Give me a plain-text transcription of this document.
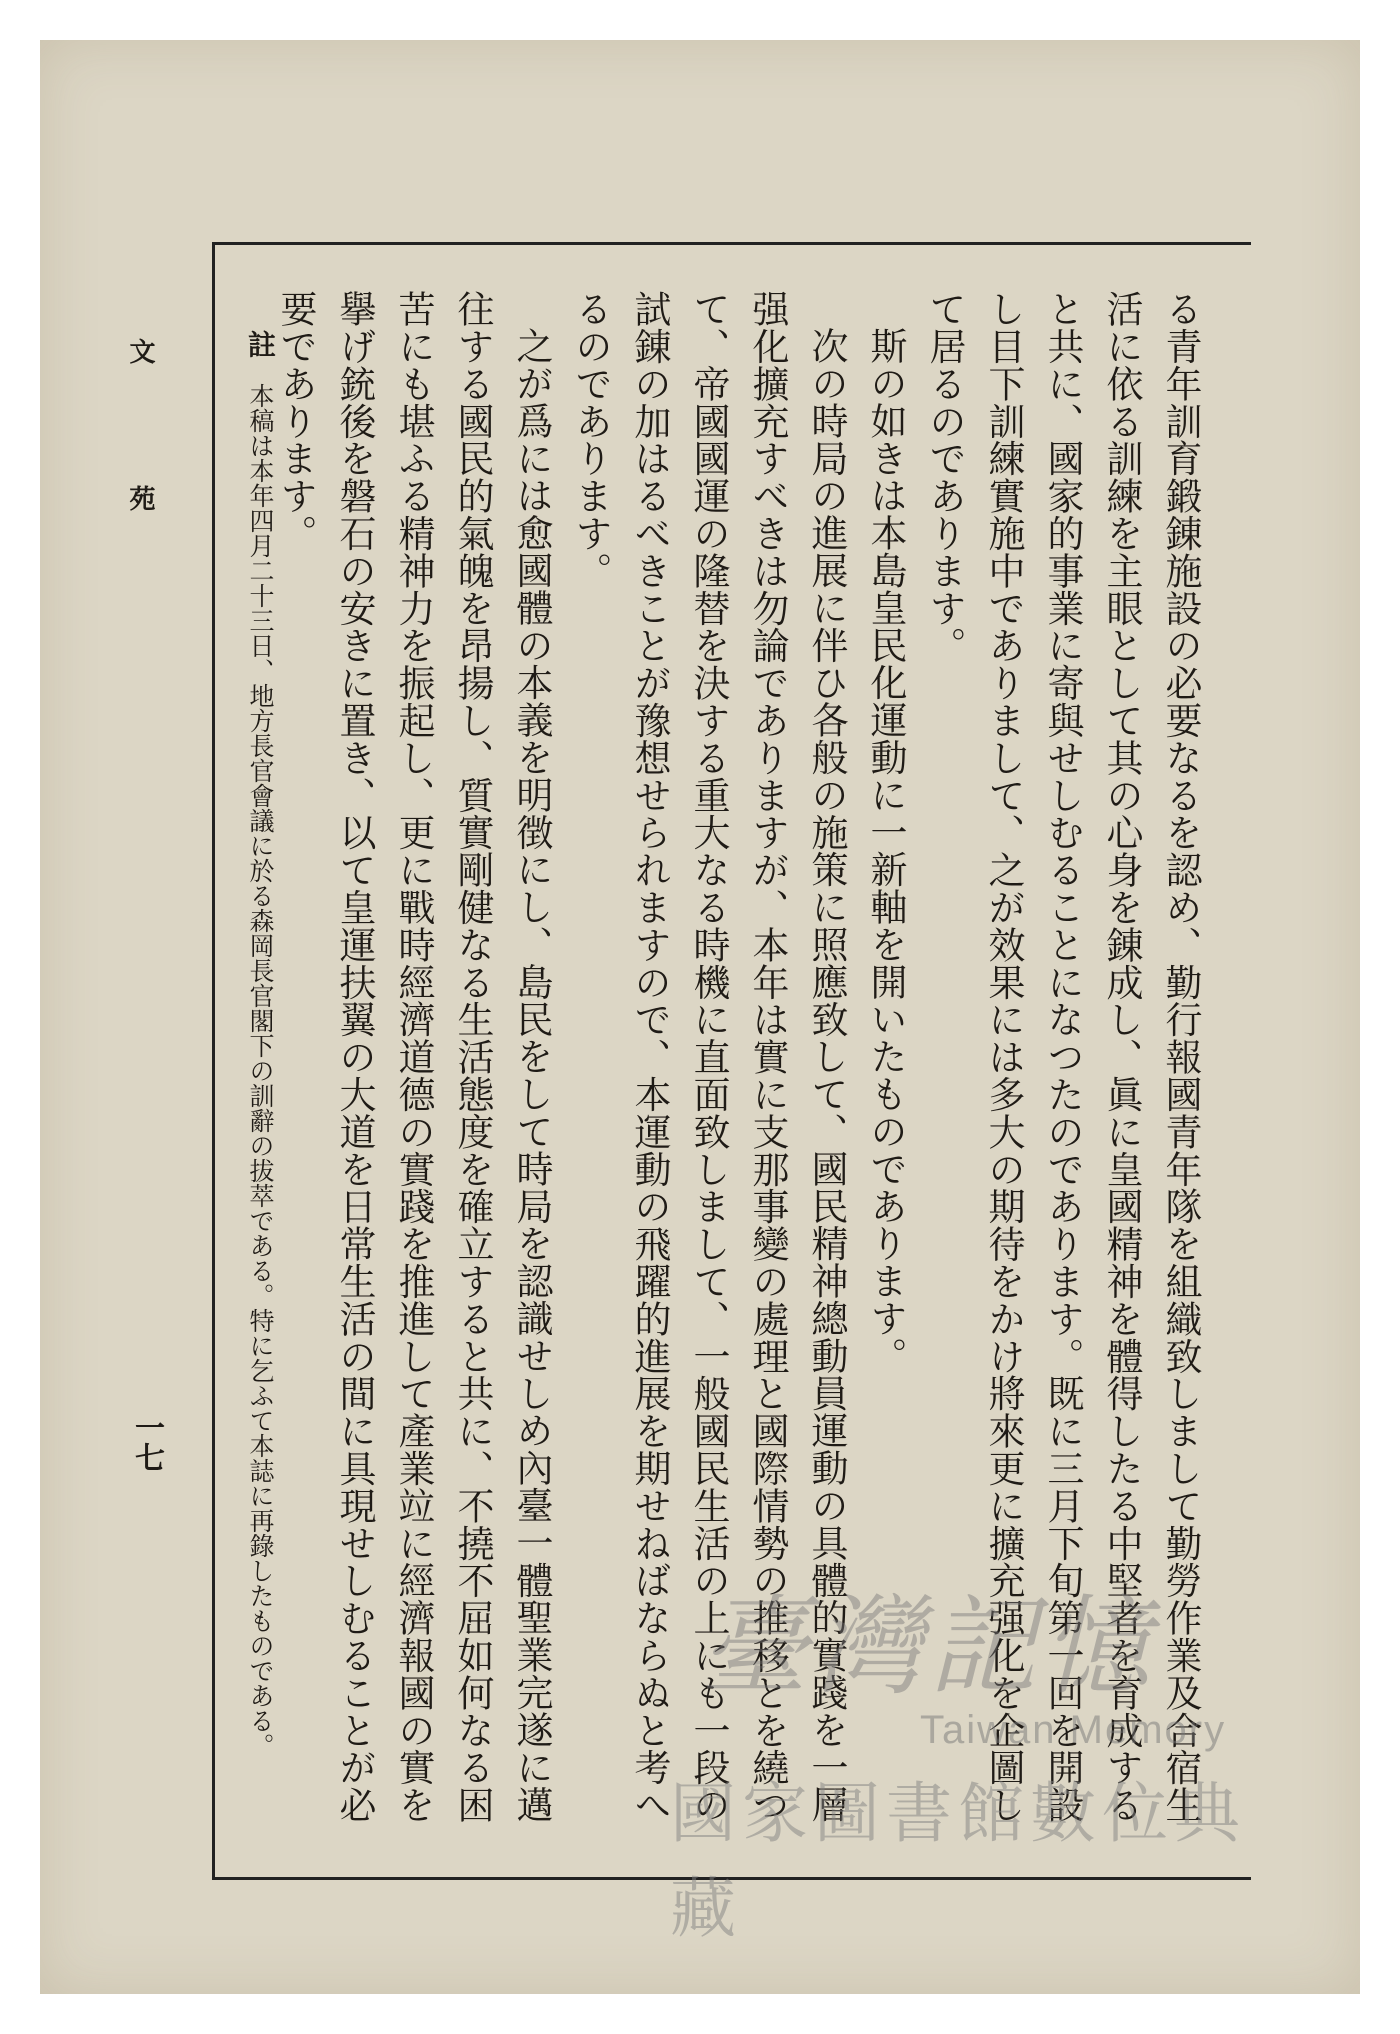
文 苑
一七	る青年訓育鍛錬施設の必要なるを認め、勤行報國青年隊を組織致しまして勤勞作業及合宿生活に依る訓練を主眼として其の心身を錬成し、眞に皇國精神を體得したる中堅者を育成すると共に、國家的事業に寄與せしむることになつたのであります。既に三月下旬第一回を開設し目下訓練實施中でありまして、之が效果には多大の期待をかけ將來更に擴充强化を企圖して居るのであります。

斯の如きは本島皇民化運動に一新軸を開いたものであります。

次の時局の進展に伴ひ各般の施策に照應致して、國民精神總動員運動の具體的實踐を一層强化擴充すべきは勿論でありますが、本年は實に支那事變の處理と國際情勢の推移とを繞つて、帝國國運の隆替を決する重大なる時機に直面致しまして、一般國民生活の上にも一段の試錬の加はるべきことが豫想せられますので、本運動の飛躍的進展を期せねばならぬと考へるのであります。

之が爲には愈國體の本義を明徴にし、島民をして時局を認識せしめ內臺一體聖業完遂に邁往する國民的氣魄を昂揚し、質實剛健なる生活態度を確立すると共に、不撓不屈如何なる困苦にも堪ふる精神力を振起し、更に戰時經濟道德の實踐を推進して產業竝に經濟報國の實を擧げ銃後を磐石の安きに置き、以て皇運扶翼の大道を日常生活の間に具現せしむることが必要であります。

註　本稿は本年四月二十三日、地方長官會議に於る森岡長官閣下の訓辭の拔萃である。特に乞ふて本誌に再錄したものである。	臺灣記憶
Taiwan Memory
國家圖書館數位典藏
